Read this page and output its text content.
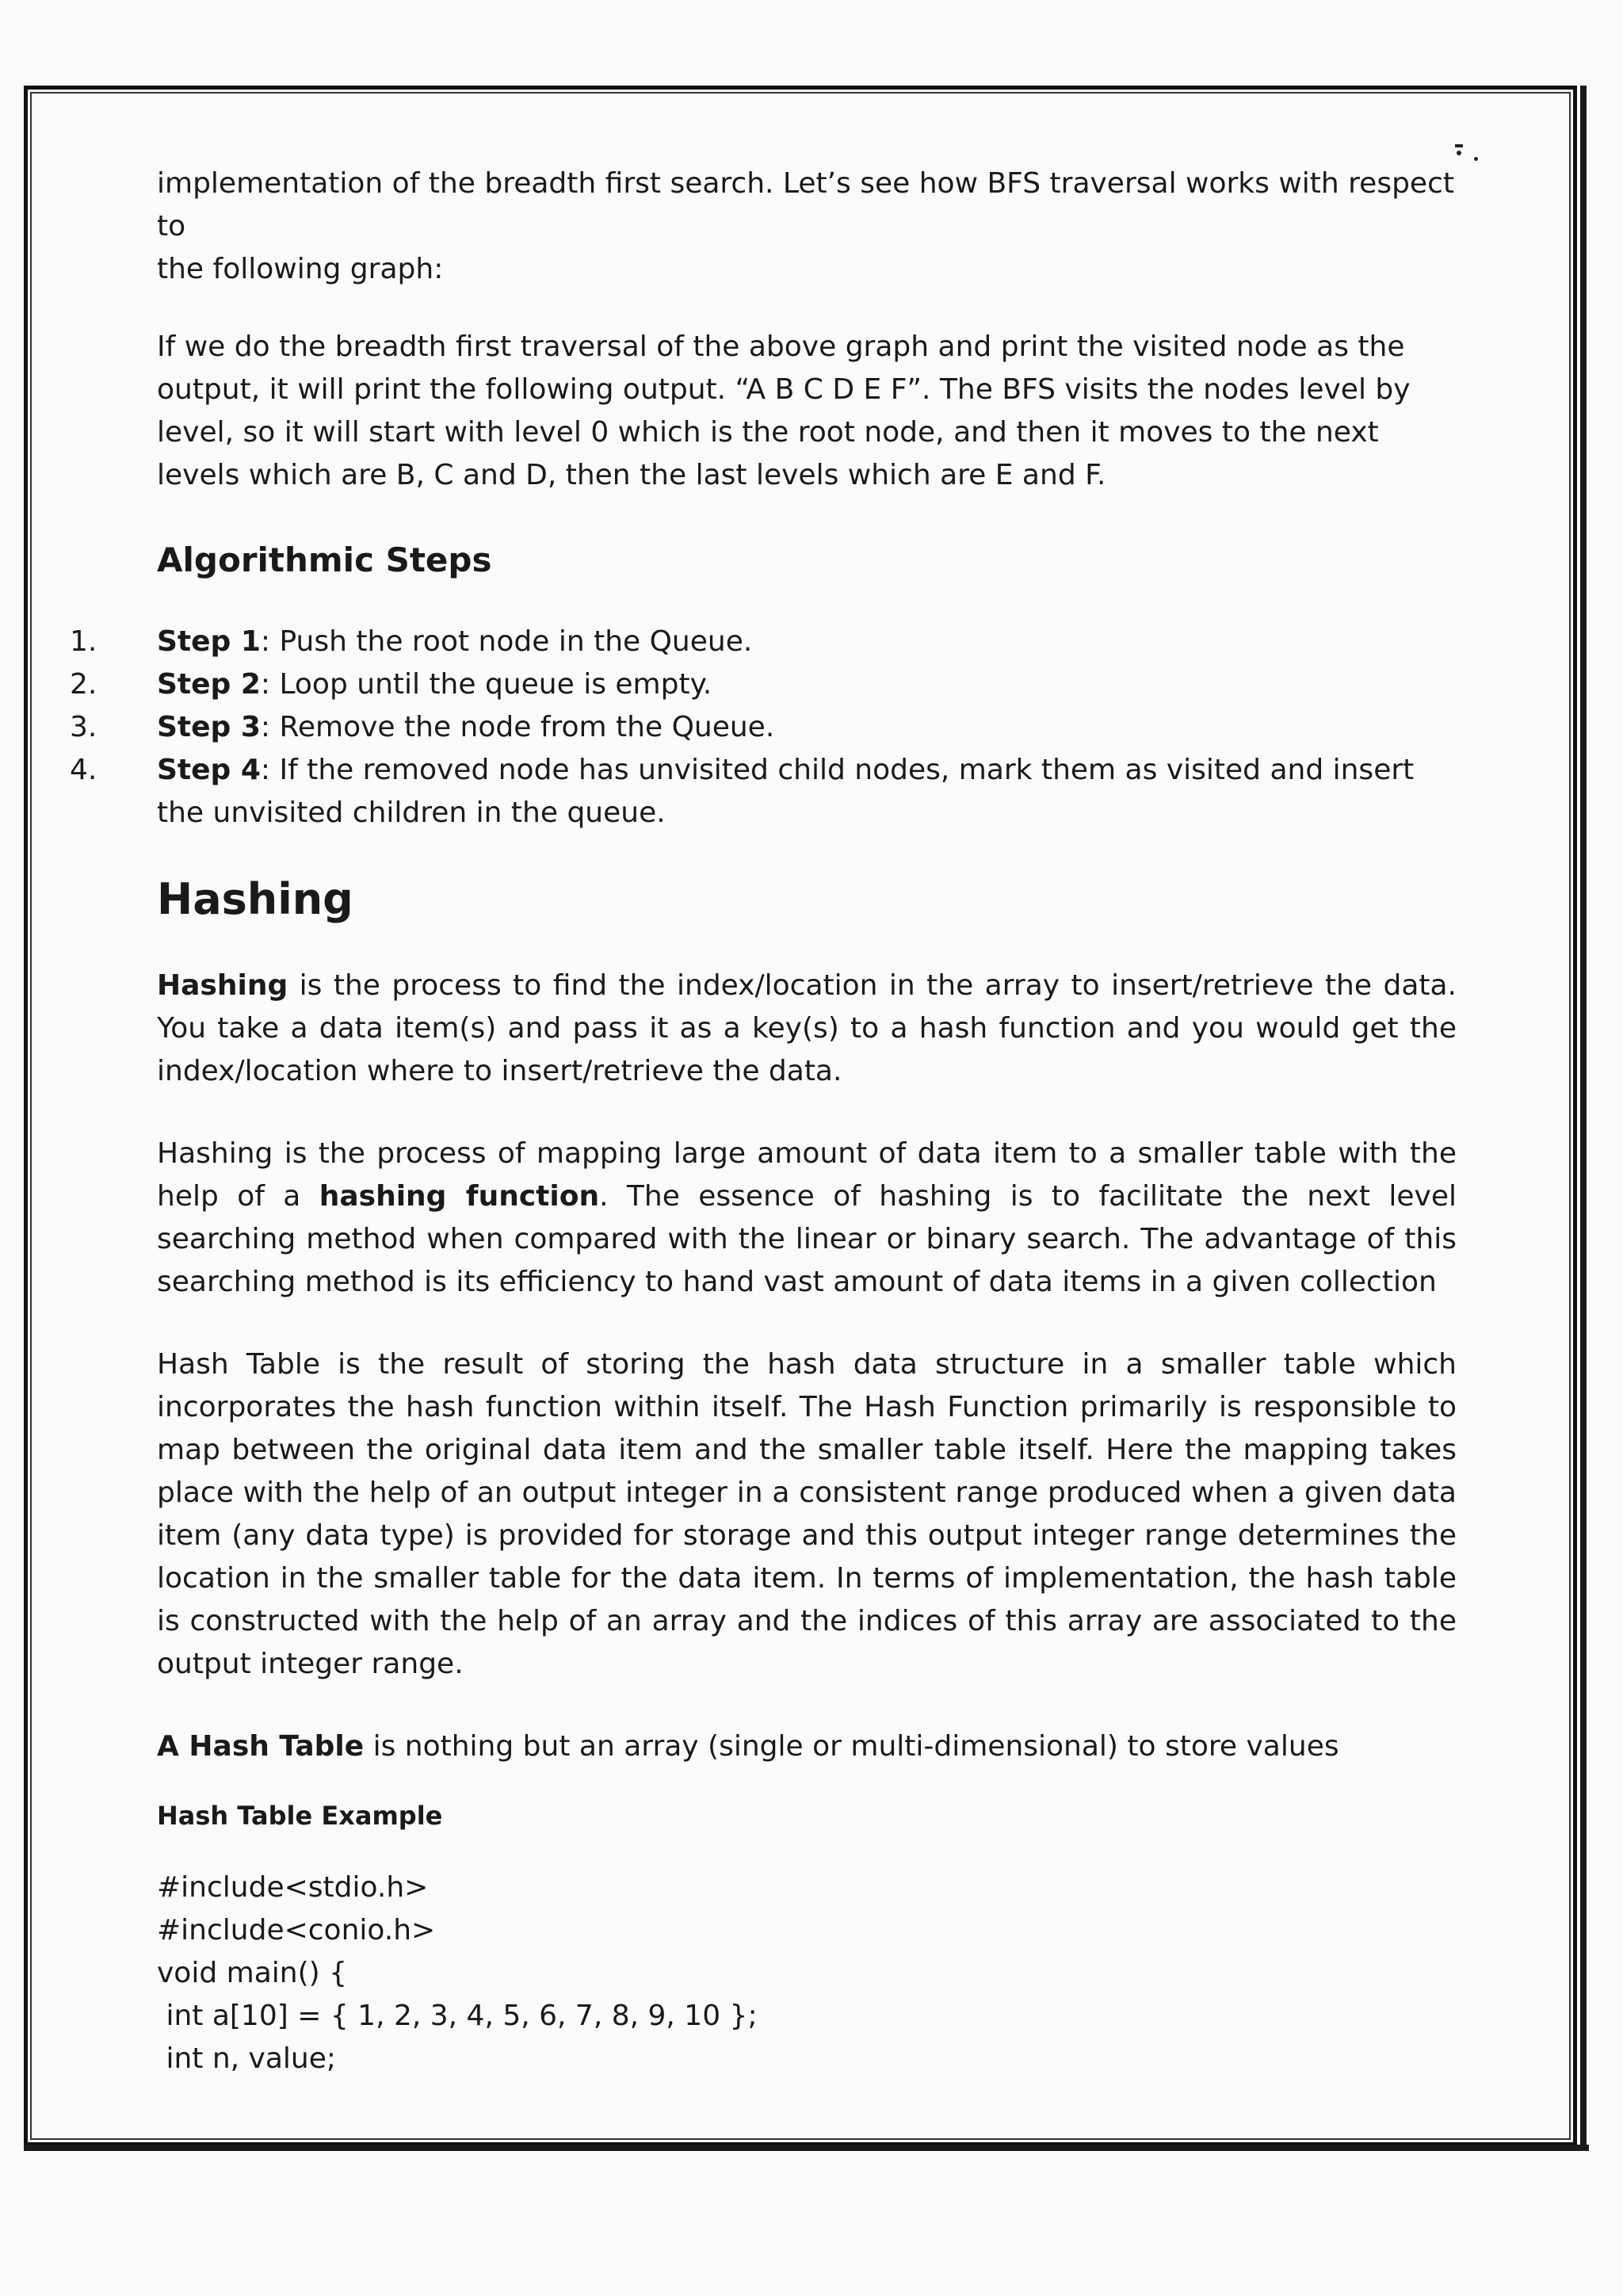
implementation of the breadth first search. Let’s see how BFS traversal works with respect to
the following graph:

If we do the breadth first traversal of the above graph and print the visited node as the output, it will print the following output. “A B C D E F”. The BFS visits the nodes level by level, so it will start with level 0 which is the root node, and then it moves to the next levels which are B, C and D, then the last levels which are E and F.

Algorithmic Steps
1.	Step 1: Push the root node in the Queue.
2.	Step 2: Loop until the queue is empty.
3.	Step 3: Remove the node from the Queue.
4.	Step 4: If the removed node has unvisited child nodes, mark them as visited and insert the unvisited children in the queue.
Hashing

Hashing is the process to find the index/location in the array to insert/retrieve the data. You take a data item(s) and pass it as a key(s) to a hash function and you would get the index/location where to insert/retrieve the data.

Hashing is the process of mapping large amount of data item to a smaller table with the help of a hashing function. The essence of hashing is to facilitate the next level searching method when compared with the linear or binary search. The advantage of this searching method is its efficiency to hand vast amount of data items in a given collection

Hash Table is the result of storing the hash data structure in a smaller table which incorporates the hash function within itself. The Hash Function primarily is responsible to map between the original data item and the smaller table itself. Here the mapping takes place with the help of an output integer in a consistent range produced when a given data item (any data type) is provided for storage and this output integer range determines the location in the smaller table for the data item. In terms of implementation, the hash table is constructed with the help of an array and the indices of this array are associated to the output integer range.

A Hash Table is nothing but an array (single or multi-dimensional) to store values

Hash Table Example
#include<stdio.h>
#include<conio.h>
void main() {
int a[10] = { 1, 2, 3, 4, 5, 6, 7, 8, 9, 10 };
int n, value;
